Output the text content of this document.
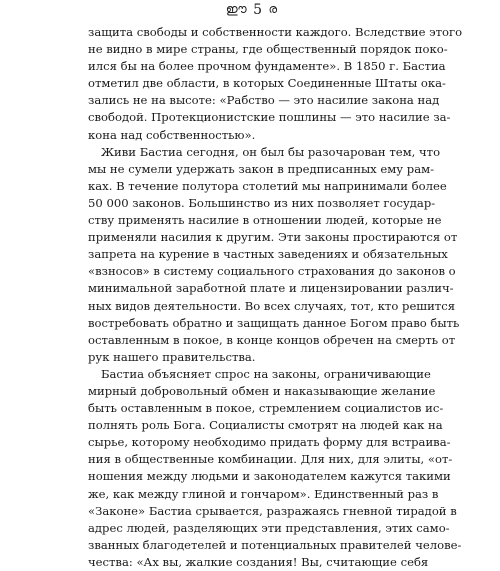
ഈ 5 ര
защита свободы и собственности каждого. Вследствие этого
не видно в мире страны, где общественный порядок поко-
ился бы на более прочном фундаменте». В 1850 г. Бастиа
отметил две области, в которых Соединенные Штаты ока-
зались не на высоте: «Рабство — это насилие закона над
свободой. Протекционистские пошлины — это насилие за-
кона над собственностью».
Живи Бастиа сегодня, он был бы разочарован тем, что
мы не сумели удержать закон в предписанных ему рам-
ках. В течение полутора столетий мы напринимали более
50 000 законов. Большинство из них позволяет государ-
ству применять насилие в отношении людей, которые не
применяли насилия к другим. Эти законы простираются от
запрета на курение в частных заведениях и обязательных
«взносов» в систему социального страхования до законов о
минимальной заработной плате и лицензировании различ-
ных видов деятельности. Во всех случаях, тот, кто решится
востребовать обратно и защищать данное Богом право быть
оставленным в покое, в конце концов обречен на смерть от
рук нашего правительства.
Бастиа объясняет спрос на законы, ограничивающие
мирный добровольный обмен и наказывающие желание
быть оставленным в покое, стремлением социалистов ис-
полнять роль Бога. Социалисты смотрят на людей как на
сырье, которому необходимо придать форму для встраива-
ния в общественные комбинации. Для них, для элиты, «от-
ношения между людьми и законодателем кажутся такими
же, как между глиной и гончаром». Единственный раз в
«Законе» Бастиа срывается, разражаясь гневной тирадой в
адрес людей, разделяющих эти представления, этих само-
званных благодетелей и потенциальных правителей челове-
чества: «Ах вы, жалкие создания! Вы, считающие себя
